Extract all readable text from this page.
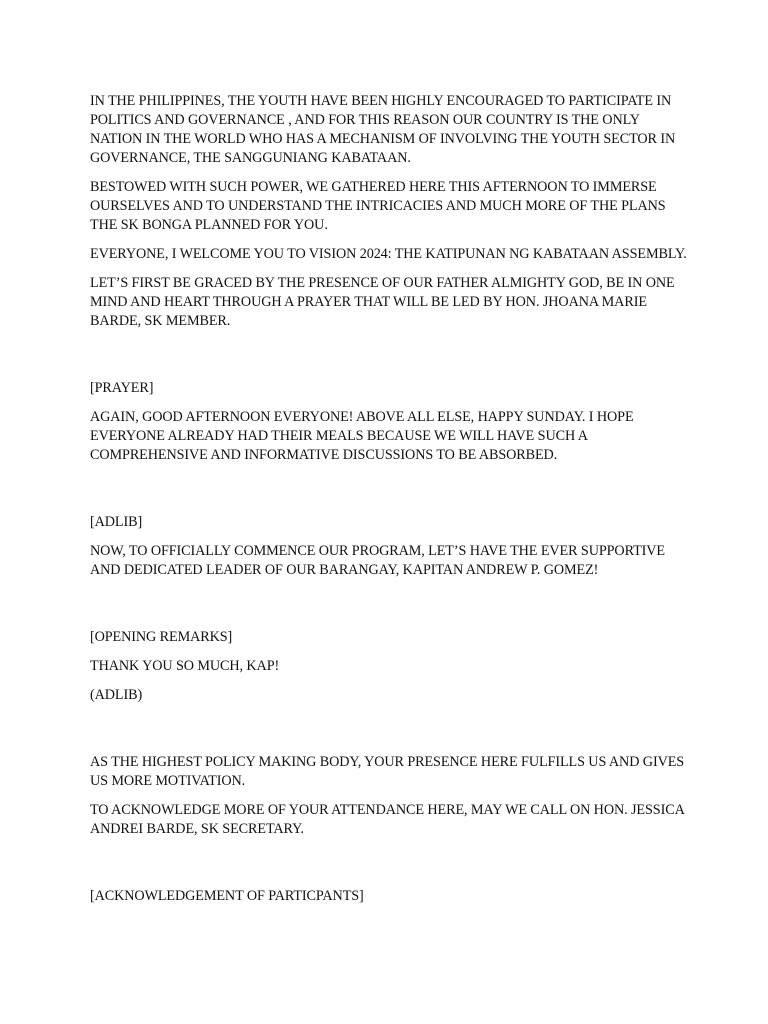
IN THE PHILIPPINES, THE YOUTH HAVE BEEN HIGHLY ENCOURAGED TO PARTICIPATE IN POLITICS AND GOVERNANCE , AND FOR THIS REASON OUR COUNTRY IS THE ONLY NATION IN THE WORLD WHO HAS A MECHANISM OF INVOLVING THE YOUTH SECTOR IN GOVERNANCE, THE SANGGUNIANG KABATAAN.

BESTOWED WITH SUCH POWER, WE GATHERED HERE THIS AFTERNOON TO IMMERSE OURSELVES AND TO UNDERSTAND THE INTRICACIES AND MUCH MORE OF THE PLANS THE SK BONGA PLANNED FOR YOU.

EVERYONE, I WELCOME YOU TO VISION 2024: THE KATIPUNAN NG KABATAAN ASSEMBLY.

LET’S FIRST BE GRACED BY THE PRESENCE OF OUR FATHER ALMIGHTY GOD, BE IN ONE MIND AND HEART THROUGH A PRAYER THAT WILL BE LED BY HON. JHOANA MARIE BARDE, SK MEMBER.

[PRAYER]

AGAIN, GOOD AFTERNOON EVERYONE! ABOVE ALL ELSE, HAPPY SUNDAY. I HOPE EVERYONE ALREADY HAD THEIR MEALS BECAUSE WE WILL HAVE SUCH A COMPREHENSIVE AND INFORMATIVE DISCUSSIONS TO BE ABSORBED.

[ADLIB]

NOW, TO OFFICIALLY COMMENCE OUR PROGRAM, LET’S HAVE THE EVER SUPPORTIVE AND DEDICATED LEADER OF OUR BARANGAY, KAPITAN ANDREW P. GOMEZ!

[OPENING REMARKS]

THANK YOU SO MUCH, KAP!

(ADLIB)

AS THE HIGHEST POLICY MAKING BODY, YOUR PRESENCE HERE FULFILLS US AND GIVES US MORE MOTIVATION.

TO ACKNOWLEDGE MORE OF YOUR ATTENDANCE HERE, MAY WE CALL ON HON. JESSICA ANDREI BARDE, SK SECRETARY.

[ACKNOWLEDGEMENT OF PARTICPANTS]
